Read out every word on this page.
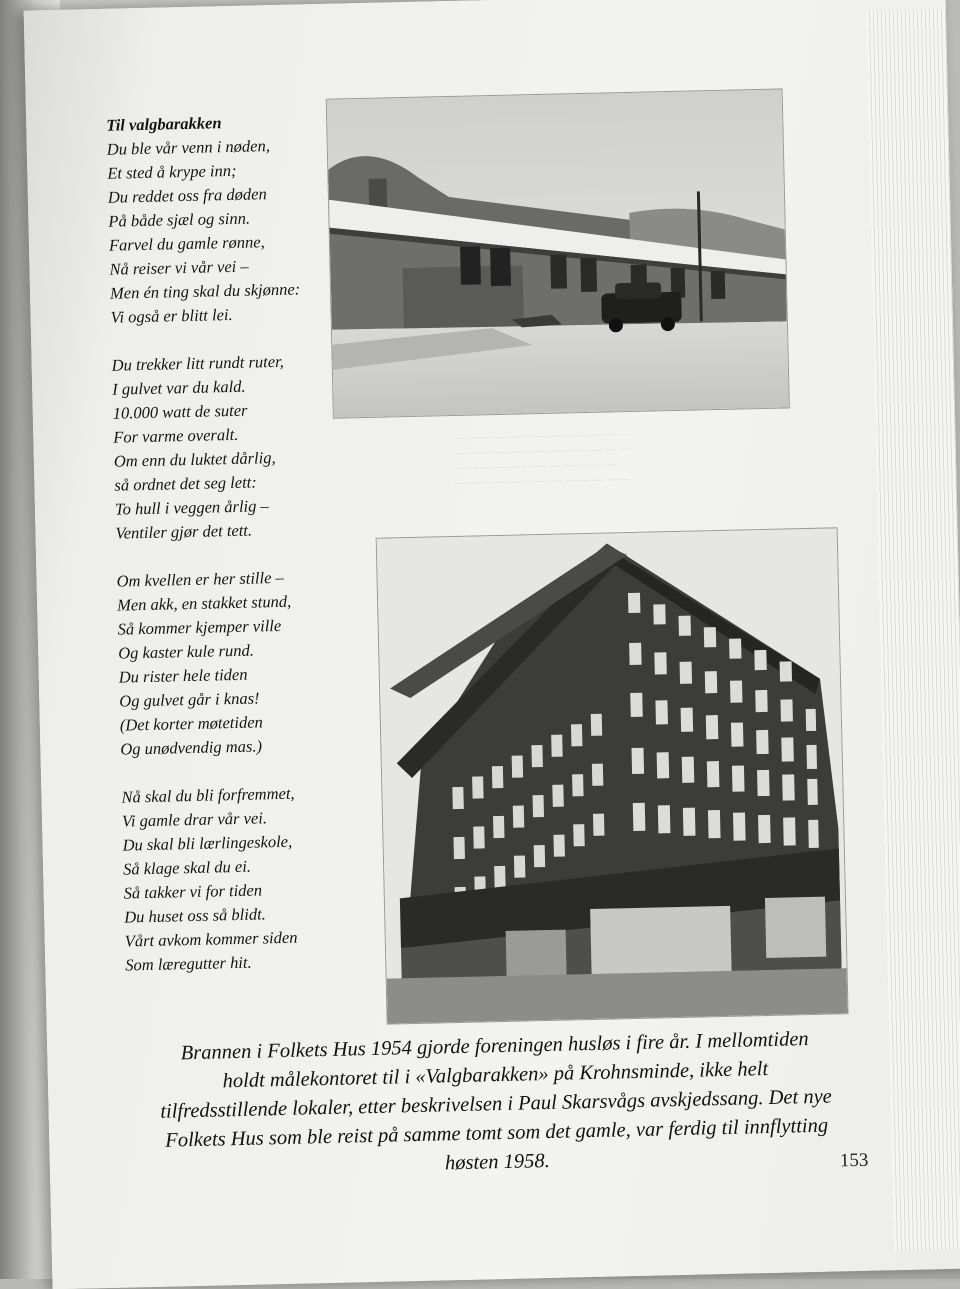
— — — — — — — — — — — — —
— — — — — — — — — — — — —
— — — — — — — — — — — —
— — — — — — — — — — — — —
Til valgbarakken
Du ble vår venn i nøden,
Et sted å krype inn;
Du reddet oss fra døden
På både sjæl og sinn.
Farvel du gamle rønne,
Nå reiser vi vår vei –
Men én ting skal du skjønne:
Vi også er blitt lei.
Du trekker litt rundt ruter,
I gulvet var du kald.
10.000 watt de suter
For varme overalt.
Om enn du luktet dårlig,
så ordnet det seg lett:
To hull i veggen årlig –
Ventiler gjør det tett.
Om kvellen er her stille –
Men akk, en stakket stund,
Så kommer kjemper ville
Og kaster kule rund.
Du rister hele tiden
Og gulvet går i knas!
(Det korter møtetiden
Og unødvendig mas.)
Nå skal du bli forfremmet,
Vi gamle drar vår vei.
Du skal bli lærlingeskole,
Så klage skal du ei.
Så takker vi for tiden
Du huset oss så blidt.
Vårt avkom kommer siden
Som læregutter hit.
Brannen i Folkets Hus 1954 gjorde foreningen husløs i fire år. I mellomtiden
holdt målekontoret til i «Valgbarakken» på Krohnsminde, ikke helt
tilfredsstillende lokaler, etter beskrivelsen i Paul Skarsvågs avskjedssang. Det nye
Folkets Hus som ble reist på samme tomt som det gamle, var ferdig til innflytting
høsten 1958.	153
